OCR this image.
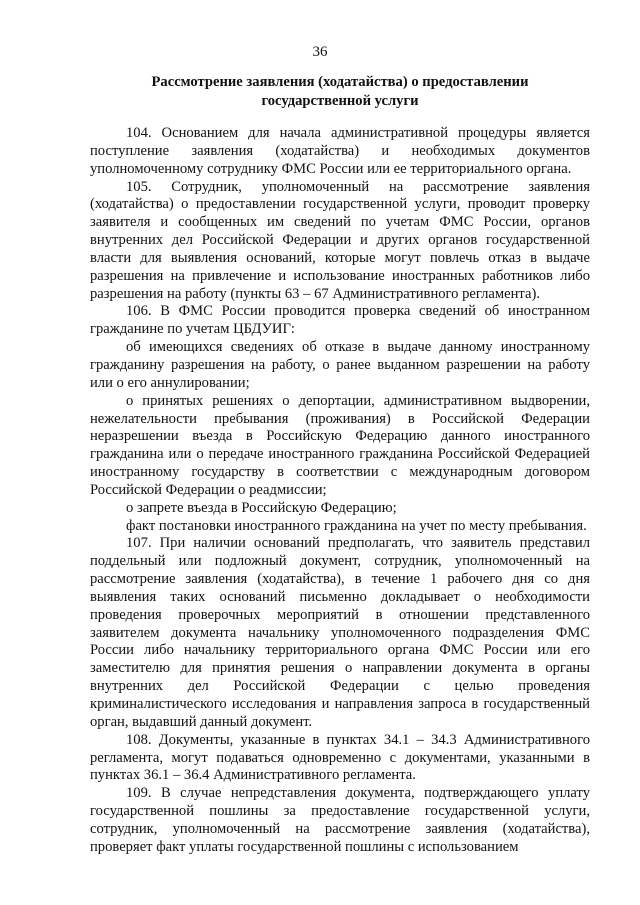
36
Рассмотрение заявления (ходатайства) о предоставлении
государственной услуги

104. Основанием для начала административной процедуры является поступление заявления (ходатайства) и необходимых документов уполномоченному сотруднику ФМС России или ее территориального органа.

105. Сотрудник, уполномоченный на рассмотрение заявления (ходатайства) о предоставлении государственной услуги, проводит проверку заявителя и сообщенных им сведений по учетам ФМС России, органов внутренних дел Российской Федерации и других органов государственной власти для выявления оснований, которые могут повлечь отказ в выдаче разрешения на привлечение и использование иностранных работников либо разрешения на работу (пункты 63 – 67 Административного регламента).

106. В ФМС России проводится проверка сведений об иностранном гражданине по учетам ЦБДУИГ:

об имеющихся сведениях об отказе в выдаче данному иностранному гражданину разрешения на работу, о ранее выданном разрешении на работу или о его аннулировании;

о принятых решениях о депортации, административном выдворении, нежелательности пребывания (проживания) в Российской Федерации неразрешении въезда в Российскую Федерацию данного иностранного гражданина или о передаче иностранного гражданина Российской Федерацией иностранному государству в соответствии с международным договором Российской Федерации о реадмиссии;

о запрете въезда в Российскую Федерацию;

факт постановки иностранного гражданина на учет по месту пребывания.

107. При наличии оснований предполагать, что заявитель представил поддельный или подложный документ, сотрудник, уполномоченный на рассмотрение заявления (ходатайства), в течение 1 рабочего дня со дня выявления таких оснований письменно докладывает о необходимости проведения проверочных мероприятий в отношении представленного заявителем документа начальнику уполномоченного подразделения ФМС России либо начальнику территориального органа ФМС России или его заместителю для принятия решения о направлении документа в органы внутренних дел Российской Федерации с целью проведения криминалистического исследования и направления запроса в государственный орган, выдавший данный документ.

108. Документы, указанные в пунктах 34.1 – 34.3 Административного регламента, могут подаваться одновременно с документами, указанными в пунктах 36.1 – 36.4 Административного регламента.

109. В случае непредставления документа, подтверждающего уплату государственной пошлины за предоставление государственной услуги, сотрудник, уполномоченный на рассмотрение заявления (ходатайства), проверяет факт уплаты государственной пошлины с использованием
